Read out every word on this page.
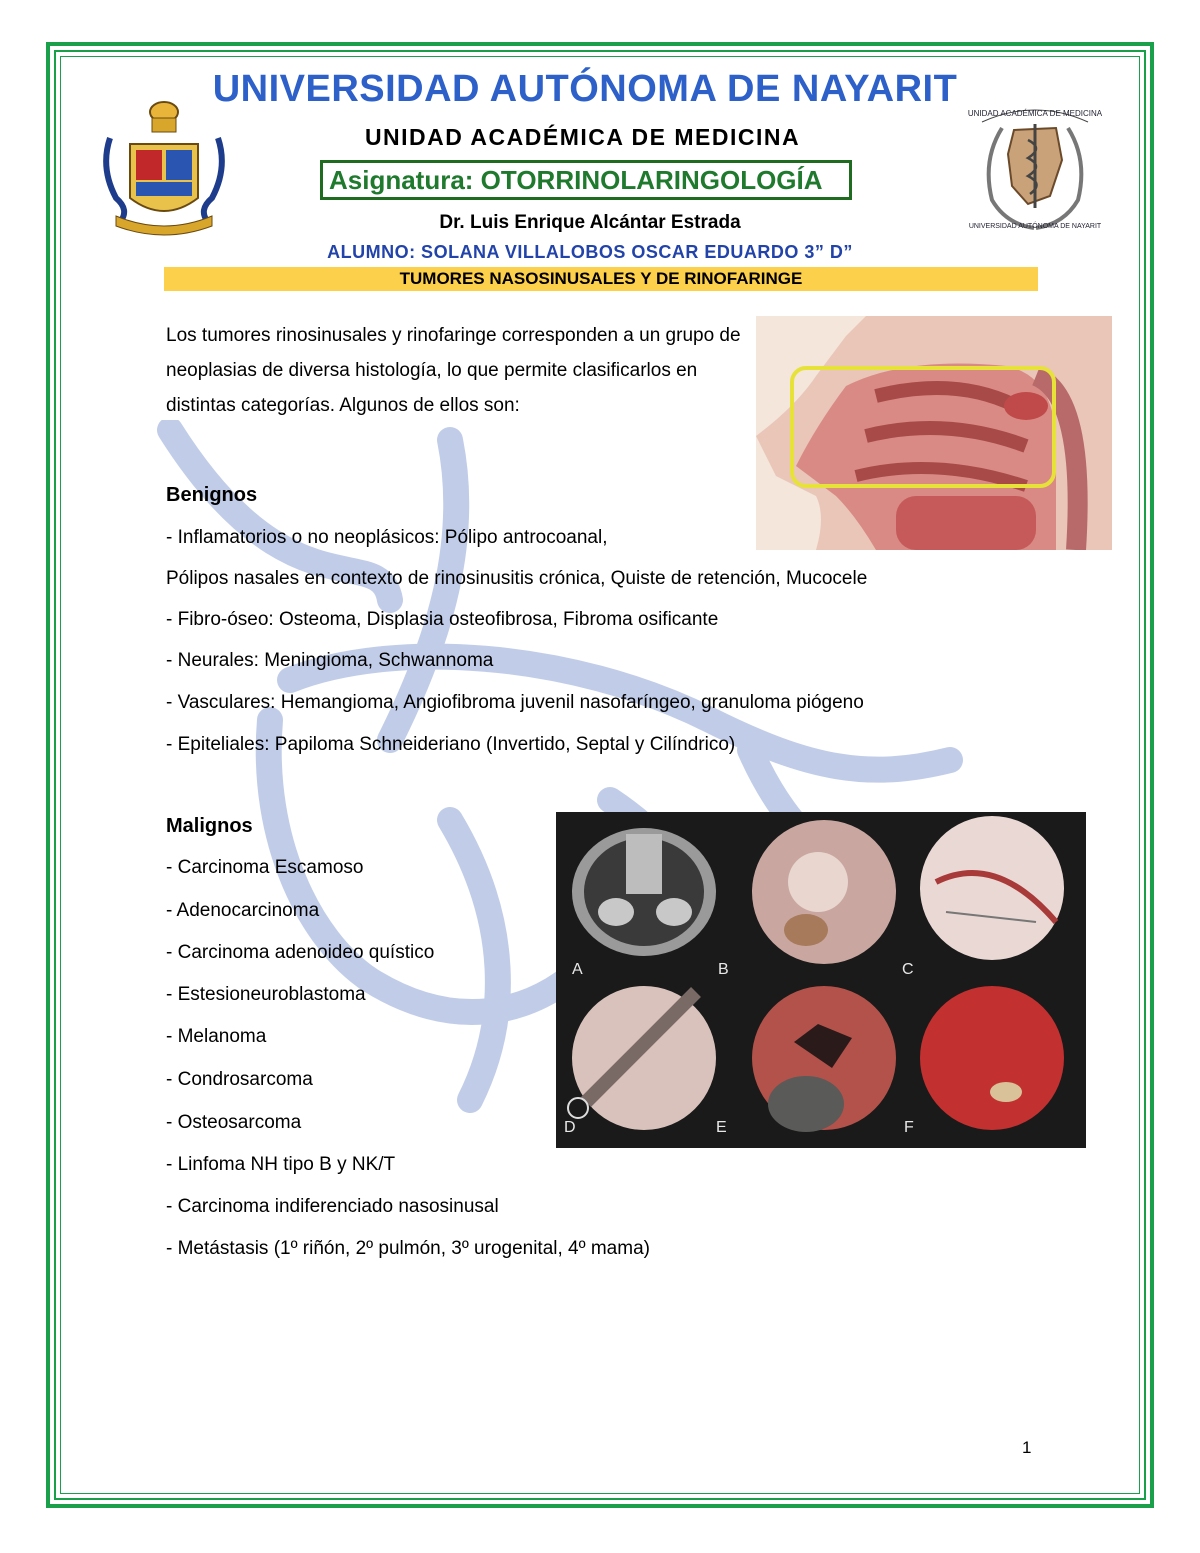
UNIDAD ACADÉMICA DE MEDICINA
UNIVERSIDAD AUTÓNOMA DE NAYARIT
UNIVERSIDAD AUTÓNOMA DE NAYARIT
UNIDAD ACADÉMICA DE MEDICINA
Asignatura: OTORRINOLARINGOLOGÍA
Dr. Luis Enrique Alcántar Estrada
ALUMNO: SOLANA VILLALOBOS OSCAR EDUARDO 3” D”
TUMORES NASOSINUSALES Y DE RINOFARINGE
Los tumores rinosinusales y rinofaringe corresponden a un grupo de neoplasias de diversa histología, lo que permite clasificarlos en distintas categorías. Algunos de ellos son:
Benignos
- Inflamatorios o no neoplásicos: Pólipo antrocoanal,
Pólipos nasales en contexto de rinosinusitis crónica, Quiste de retención, Mucocele
- Fibro-óseo: Osteoma, Displasia osteofibrosa, Fibroma osificante
- Neurales: Meningioma, Schwannoma
- Vasculares: Hemangioma, Angiofibroma juvenil nasofaríngeo, granuloma piógeno
- Epiteliales: Papiloma Schneideriano (Invertido, Septal y Cilíndrico)
Malignos
- Carcinoma Escamoso
- Adenocarcinoma
- Carcinoma adenoideo quístico
- Estesioneuroblastoma
- Melanoma
- Condrosarcoma
- Osteosarcoma
- Linfoma NH tipo B y NK/T
- Carcinoma indiferenciado nasosinusal
- Metástasis (1º riñón, 2º pulmón, 3º urogenital, 4º mama)
A	B	C
D	E	F
1
